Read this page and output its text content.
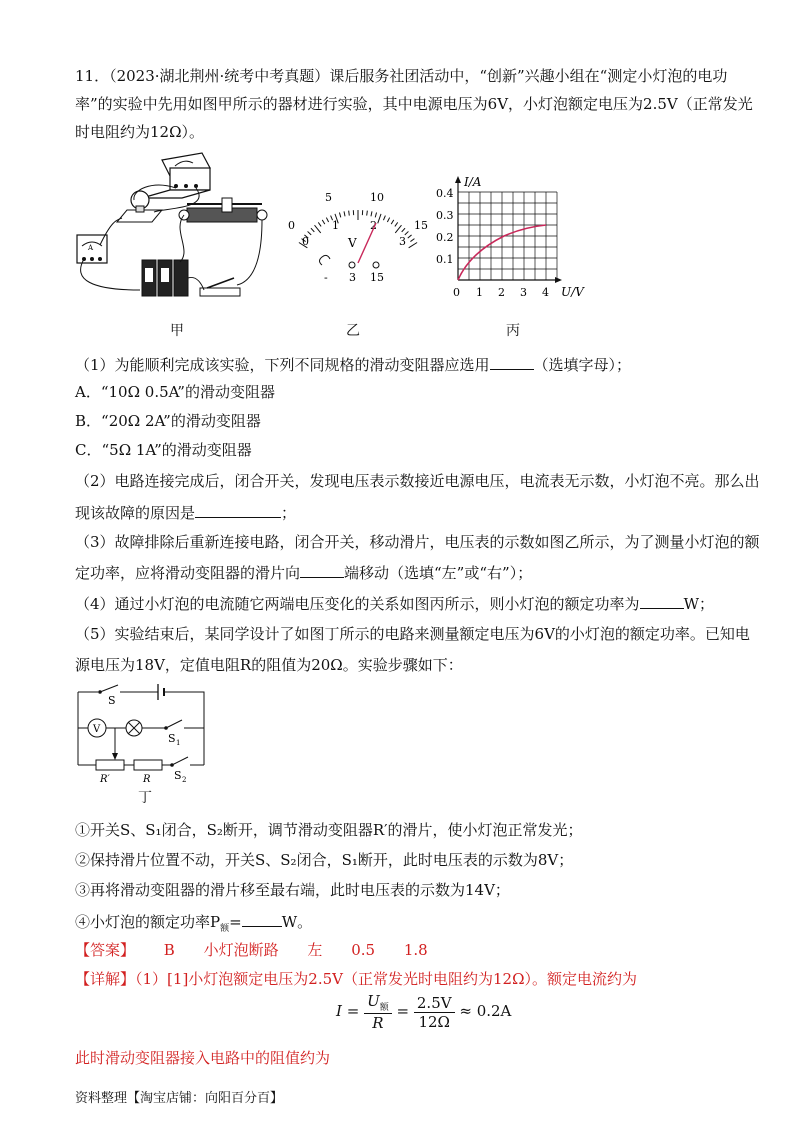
11．（2023·湖北荆州·统考中考真题）课后服务社团活动中，“创新”兴趣小组在“测定小灯泡的电功
率”的实验中先用如图甲所示的器材进行实验，其中电源电压为6V，小灯泡额定电压为2.5V（正常发光
时电阻约为12Ω）。
A
甲
0
5	10
15
0
1	2
3
V
- 3 15
乙
I/A
U/V
0.1
0.2
0.3
0.4
0 1 2 3 4
丙
（1）为能顺利完成该实验，下列不同规格的滑动变阻器应选用	（选填字母）；
A．“10Ω 0.5A”的滑动变阻器
B．“20Ω 2A”的滑动变阻器
C．“5Ω 1A”的滑动变阻器
（2）电路连接完成后，闭合开关，发现电压表示数接近电源电压，电流表无示数，小灯泡不亮。那么出
现该故障的原因是	；
（3）故障排除后重新连接电路，闭合开关，移动滑片，电压表的示数如图乙所示，为了测量小灯泡的额
定功率，应将滑动变阻器的滑片向	端移动（选填“左”或“右”）；
（4）通过小灯泡的电流随它两端电压变化的关系如图丙所示，则小灯泡的额定功率为	W；
（5）实验结束后，某同学设计了如图丁所示的电路来测量额定电压为6V的小灯泡的额定功率。已知电
源电压为18V，定值电阻R的阻值为20Ω。实验步骤如下：
S
V
S 1
R′	R S 2
丁
①开关S、S₁闭合，S₂断开，调节滑动变阻器R′的滑片，使小灯泡正常发光；
②保持滑片位置不动，开关S、S₂闭合，S₁断开，此时电压表的示数为8V；
③再将滑动变阻器的滑片移至最右端，此时电压表的示数为14V；
④小灯泡的额定功率$P_额=$	W。
【答案】 B 小灯泡断路 左 0.5 1.8
【详解】（1）[1]小灯泡额定电压为2.5V（正常发光时电阻约为12Ω）。额定电流约为
$I = \frac{U_额}{R} = \frac{2.5V}{12\Omega} \approx 0.2A$
此时滑动变阻器接入电路中的阻值约为
资料整理【淘宝店铺：向阳百分百】
